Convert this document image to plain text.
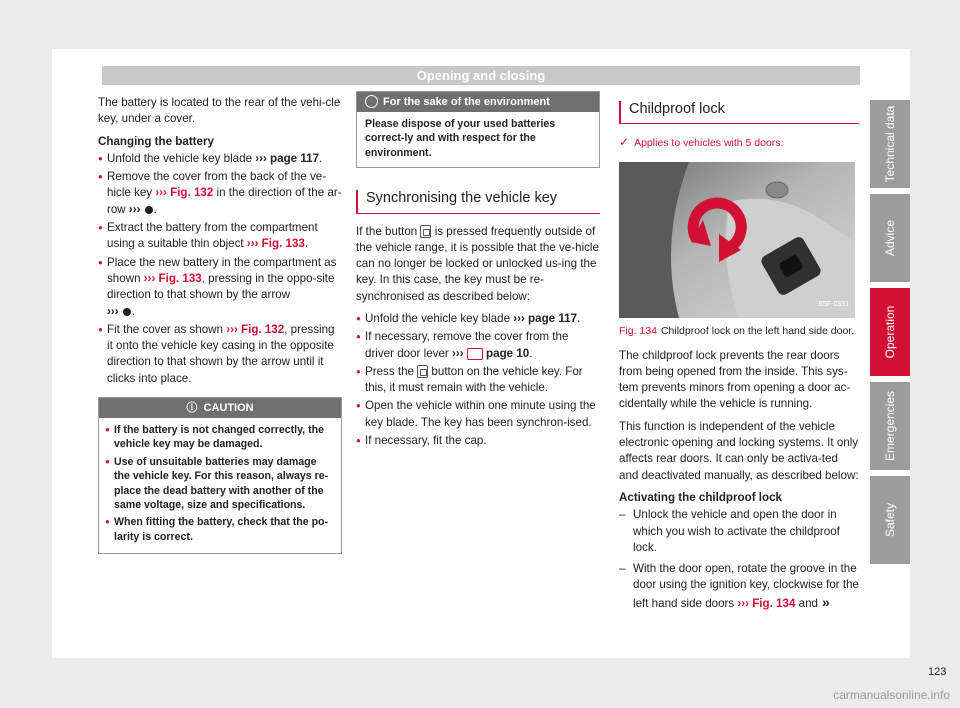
Opening and closing

The battery is located to the rear of the vehi-cle key, under a cover.

Changing the battery
● Unfold the vehicle key blade ››› page 117.
● Remove the cover from the back of the ve-hicle key ››› Fig. 132 in the direction of the ar-row ››› .
● Extract the battery from the compartment using a suitable thin object ››› Fig. 133.
● Place the new battery in the compartment as shown ››› Fig. 133, pressing in the oppo-site direction to that shown by the arrow
››› .
● Fit the cover as shown ››› Fig. 132, pressing it onto the vehicle key casing in the opposite direction to that shown by the arrow until it clicks into place.
ⓘ CAUTION
● If the battery is not changed correctly, the vehicle key may be damaged.
● Use of unsuitable batteries may damage the vehicle key. For this reason, always re-place the dead battery with another of the same voltage, size and specifications.
● When fitting the battery, check that the po-larity is correct.
For the sake of the environment
Please dispose of your used batteries correct-ly and with respect for the environment.
Synchronising the vehicle key

If the button  is pressed frequently outside of the vehicle range, it is possible that the ve-hicle can no longer be locked or unlocked us-ing the key. In this case, the key must be re-synchronised as described below:

● Unfold the vehicle key blade ››› page 117.
● If necessary, remove the cover from the driver door lever ›››  page 10.
● Press the  button on the vehicle key. For this, it must remain with the vehicle.
● Open the vehicle within one minute using the key blade. The key has been synchron-ised.
● If necessary, fit the cap.
Childproof lock
✓ Applies to vehicles with 5 doors:
B5F-0331
Fig. 134 Childproof lock on the left hand side door.

The childproof lock prevents the rear doors from being opened from the inside. This sys-tem prevents minors from opening a door ac-cidentally while the vehicle is running.

This function is independent of the vehicle electronic opening and locking systems. It only affects rear doors. It can only be activa-ted and deactivated manually, as described below:

Activating the childproof lock
– Unlock the vehicle and open the door in which you wish to activate the childproof lock.
– With the door open, rotate the groove in the door using the ignition key, clockwise for the left hand side doors ››› Fig. 134 and »
123
Technical data
Advice
Operation
Emergencies
Safety
carmanualsonline.info
